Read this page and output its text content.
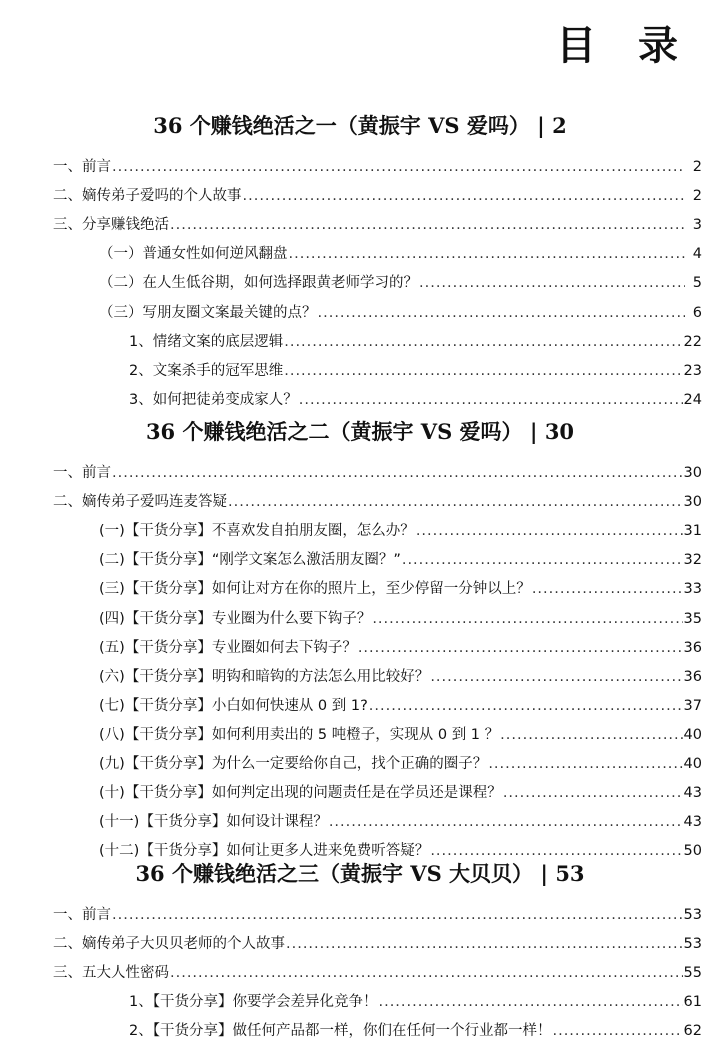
目 录
36 个赚钱绝活之一（黄振宇 VS 爱吗） | 2
一、前言 .....	2
二、嫡传弟子爱吗的个人故事 .....	2
三、分享赚钱绝活 .....	3
（一）普通女性如何逆风翻盘 .....	4
（二）在人生低谷期，如何选择跟黄老师学习的？ .....	5
（三）写朋友圈文案最关键的点？ .....	6
1、情绪文案的底层逻辑 .....	22
2、文案杀手的冠军思维 .....	23
3、如何把徒弟变成家人？ .....	24
36 个赚钱绝活之二（黄振宇 VS 爱吗） | 30
一、前言 .....	30
二、嫡传弟子爱吗连麦答疑 .....	30
(一)【干货分享】不喜欢发自拍朋友圈，怎么办？ .....	31
(二)【干货分享】“刚学文案怎么激活朋友圈？” .....	32
(三)【干货分享】如何让对方在你的照片上，至少停留一分钟以上？ .....	33
(四)【干货分享】专业圈为什么要下钩子？ .....	35
(五)【干货分享】专业圈如何去下钩子？ .....	36
(六)【干货分享】明钩和暗钩的方法怎么用比较好？ .....	36
(七)【干货分享】小白如何快速从 0 到 1? .....	37
(八)【干货分享】如何利用卖出的 5 吨橙子，实现从 0 到 1 ？ .....	40
(九)【干货分享】为什么一定要给你自己，找个正确的圈子？ .....	40
(十)【干货分享】如何判定出现的问题责任是在学员还是课程？ .....	43
(十一)【干货分享】如何设计课程？ .....	43
(十二)【干货分享】如何让更多人进来免费听答疑？ .....	50
36 个赚钱绝活之三（黄振宇 VS 大贝贝） | 53
一、前言 .....	53
二、嫡传弟子大贝贝老师的个人故事 .....	53
三、五大人性密码 .....	55
1、【干货分享】你要学会差异化竞争！ .....	61
2、【干货分享】做任何产品都一样，你们在任何一个行业都一样！ .....	62
